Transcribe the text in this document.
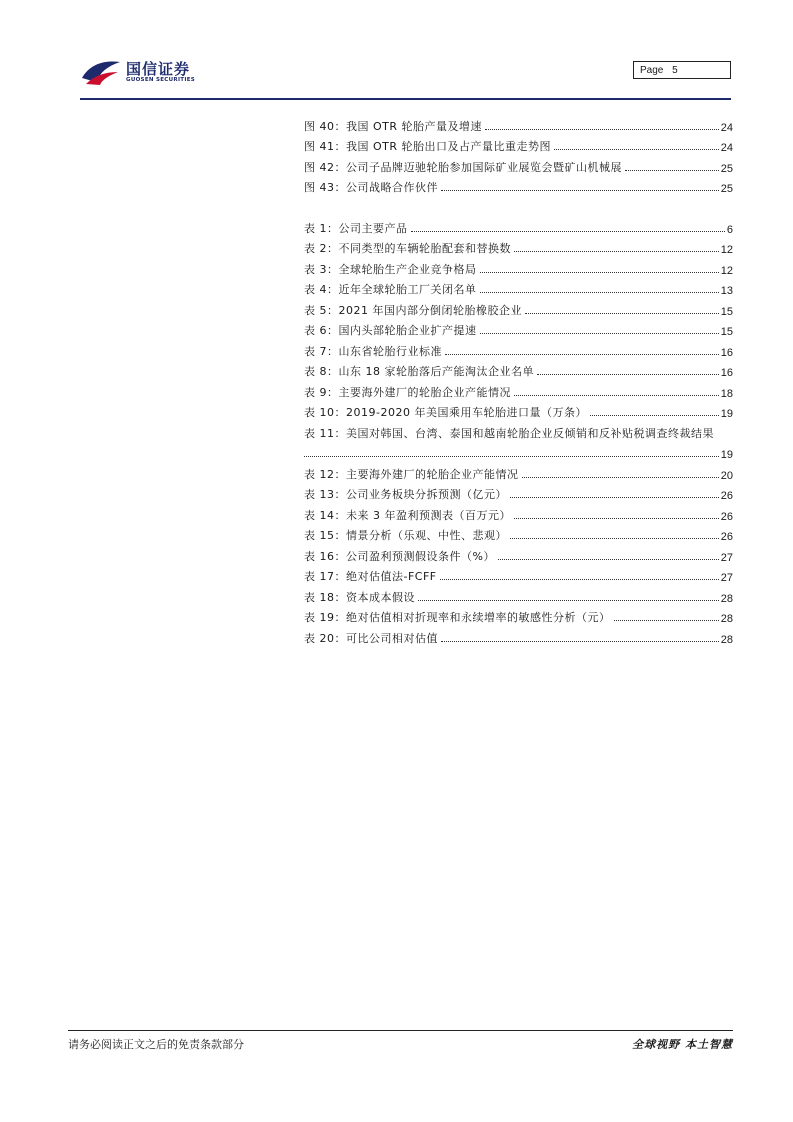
国信证券
GUOSEN SECURITIES
Page 5
图 40：我国 OTR 轮胎产量及增速	24
图 41：我国 OTR 轮胎出口及占产量比重走势图	24
图 42：公司子品牌迈驰轮胎参加国际矿业展览会暨矿山机械展	25
图 43：公司战略合作伙伴	25
表 1：公司主要产品	6
表 2：不同类型的车辆轮胎配套和替换数	12
表 3：全球轮胎生产企业竞争格局	12
表 4：近年全球轮胎工厂关闭名单	13
表 5：2021 年国内部分倒闭轮胎橡胶企业	15
表 6：国内头部轮胎企业扩产提速	15
表 7：山东省轮胎行业标准	16
表 8：山东 18 家轮胎落后产能淘汰企业名单	16
表 9：主要海外建厂的轮胎企业产能情况	18
表 10：2019-2020 年美国乘用车轮胎进口量（万条）	19
表 11：美国对韩国、台湾、泰国和越南轮胎企业反倾销和反补贴税调查终裁结果
19
表 12：主要海外建厂的轮胎企业产能情况	20
表 13：公司业务板块分拆预测（亿元）	26
表 14：未来 3 年盈利预测表（百万元）	26
表 15：情景分析（乐观、中性、悲观）	26
表 16：公司盈利预测假设条件（%）	27
表 17：绝对估值法-FCFF	27
表 18：资本成本假设	28
表 19：绝对估值相对折现率和永续增率的敏感性分析（元）	28
表 20：可比公司相对估值	28
请务必阅读正文之后的免责条款部分	全球视野 本土智慧
